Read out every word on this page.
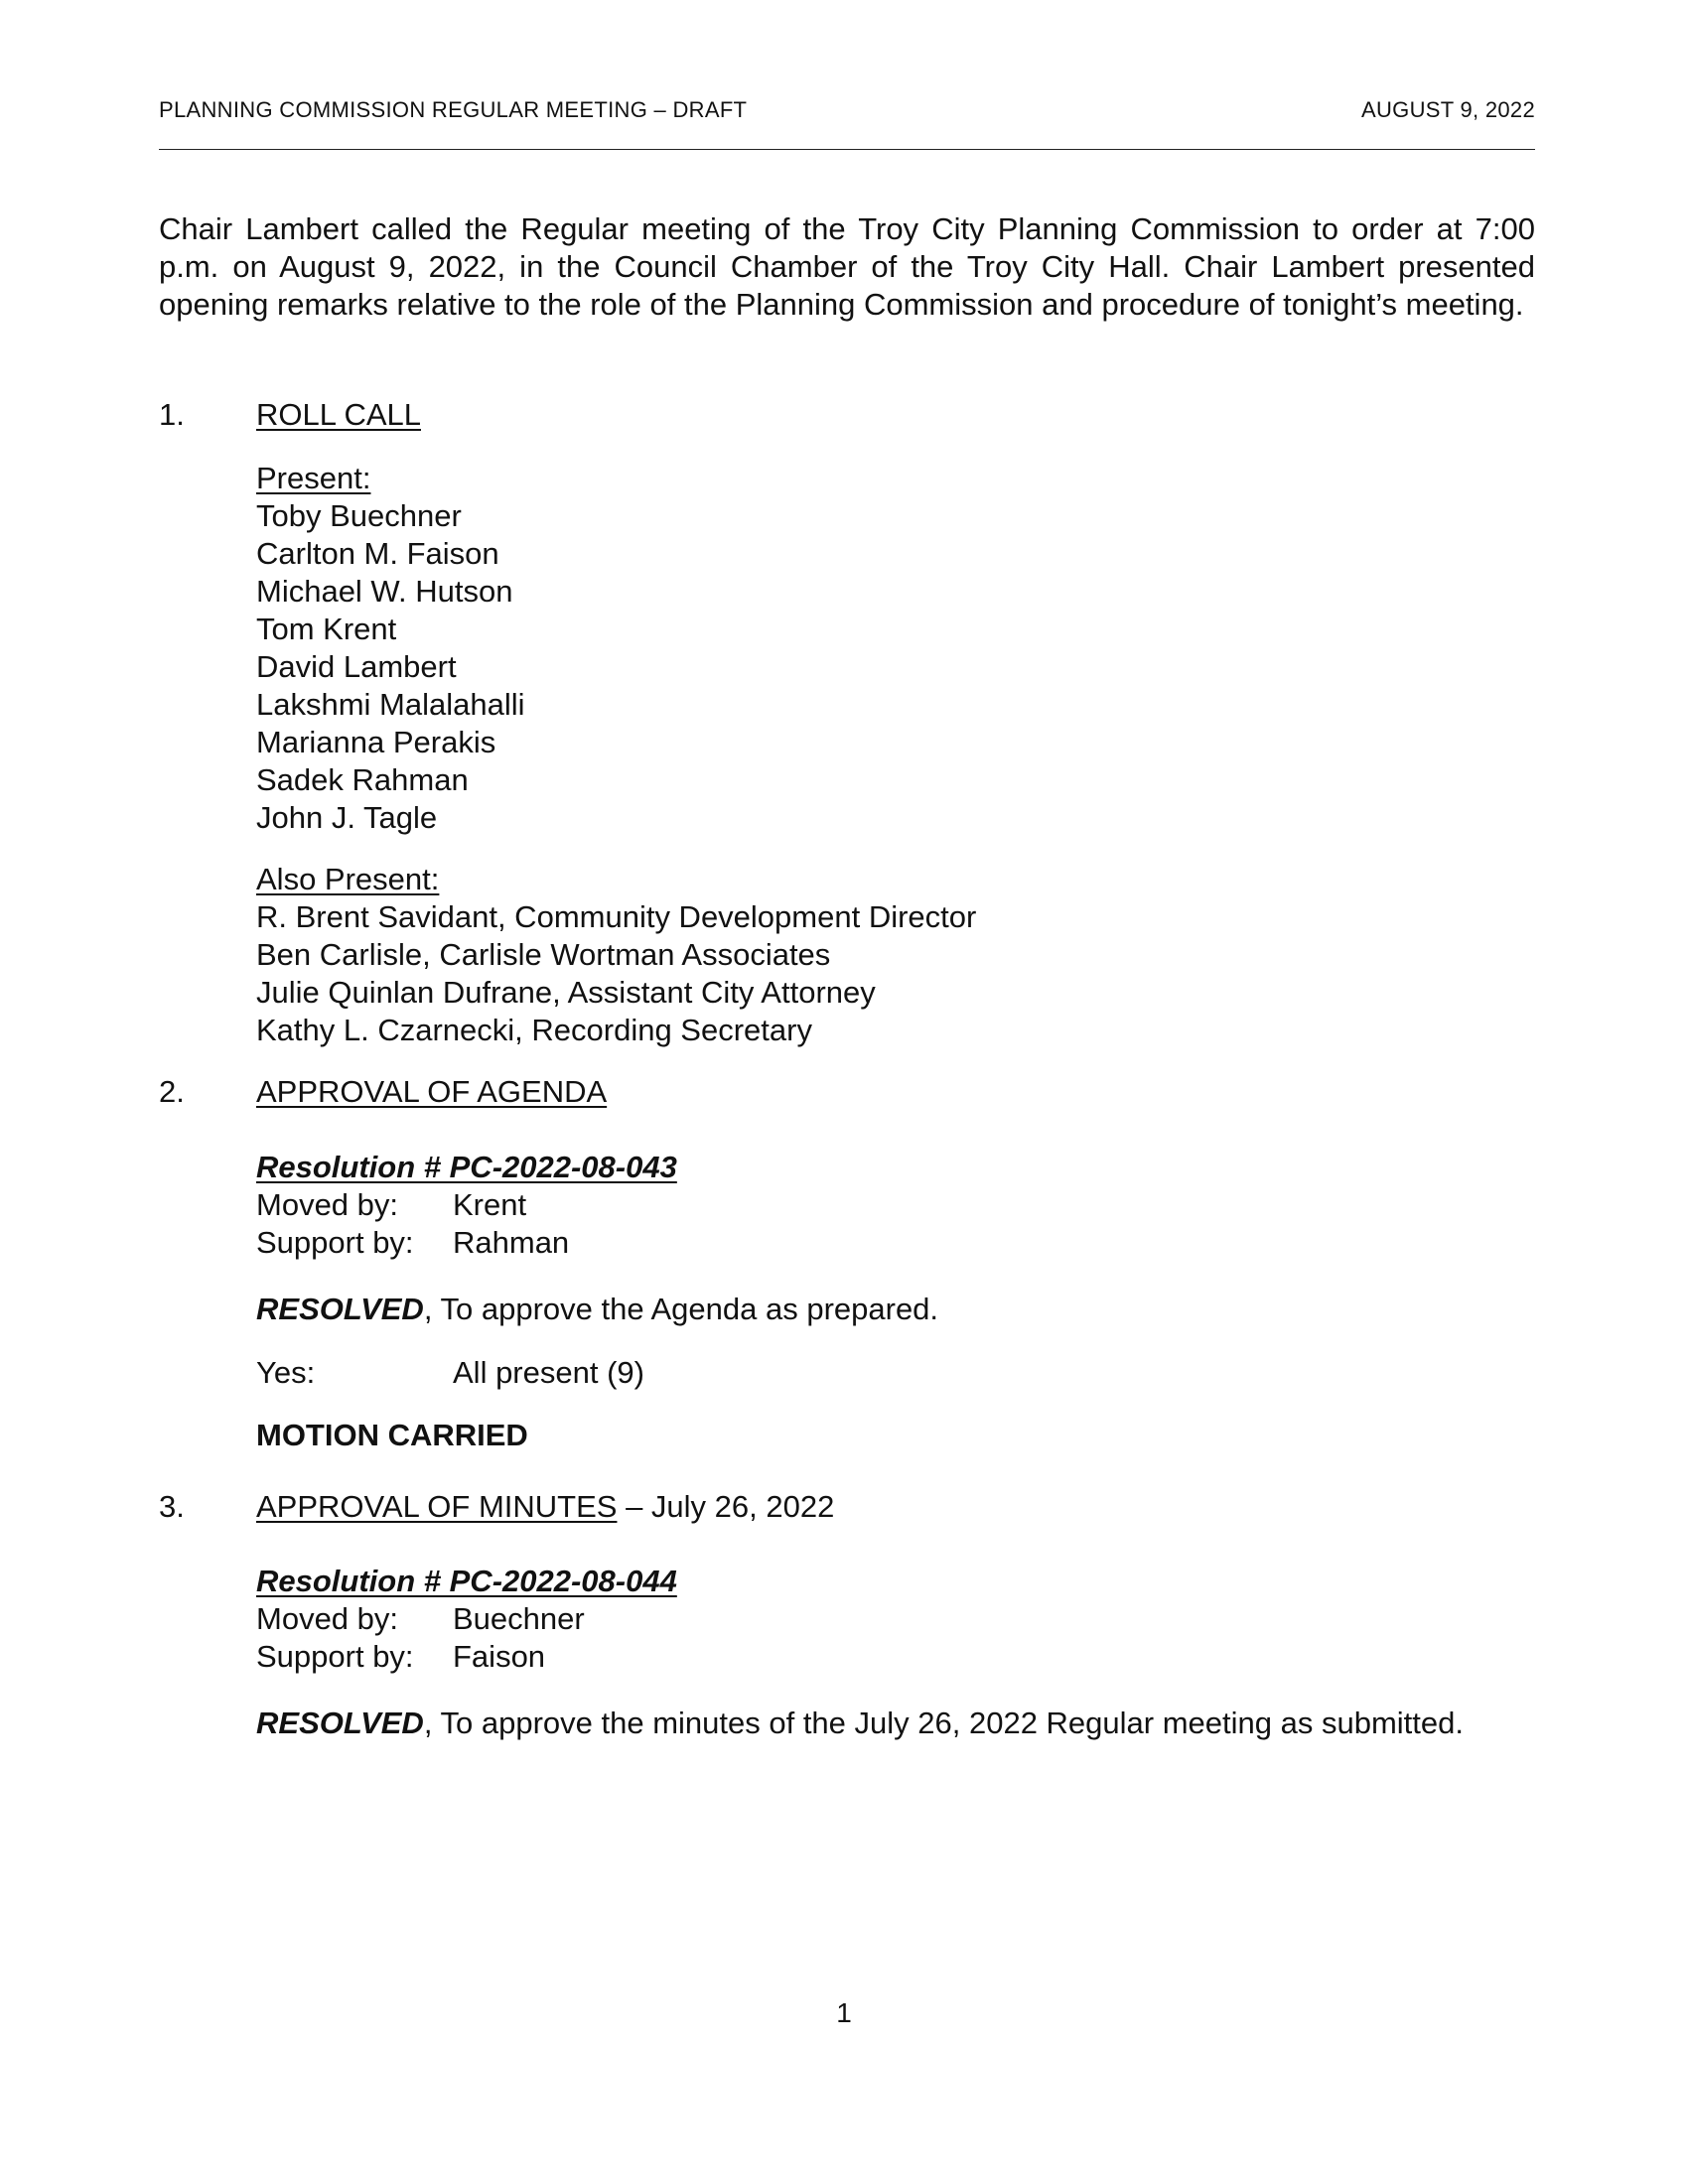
PLANNING COMMISSION REGULAR MEETING – DRAFT	AUGUST 9, 2022
Chair Lambert called the Regular meeting of the Troy City Planning Commission to order at 7:00 p.m. on August 9, 2022, in the Council Chamber of the Troy City Hall. Chair Lambert presented opening remarks relative to the role of the Planning Commission and procedure of tonight’s meeting.
1. ROLL CALL
Present:
Toby Buechner
Carlton M. Faison
Michael W. Hutson
Tom Krent
David Lambert
Lakshmi Malalahalli
Marianna Perakis
Sadek Rahman
John J. Tagle
Also Present:
R. Brent Savidant, Community Development Director
Ben Carlisle, Carlisle Wortman Associates
Julie Quinlan Dufrane, Assistant City Attorney
Kathy L. Czarnecki, Recording Secretary
2. APPROVAL OF AGENDA
Resolution # PC-2022-08-043
Moved by:	Krent
Support by:	Rahman
RESOLVED, To approve the Agenda as prepared.
Yes:	All present (9)
MOTION CARRIED
3. APPROVAL OF MINUTES – July 26, 2022
Resolution # PC-2022-08-044
Moved by:	Buechner
Support by:	Faison
RESOLVED, To approve the minutes of the July 26, 2022 Regular meeting as submitted.
1
